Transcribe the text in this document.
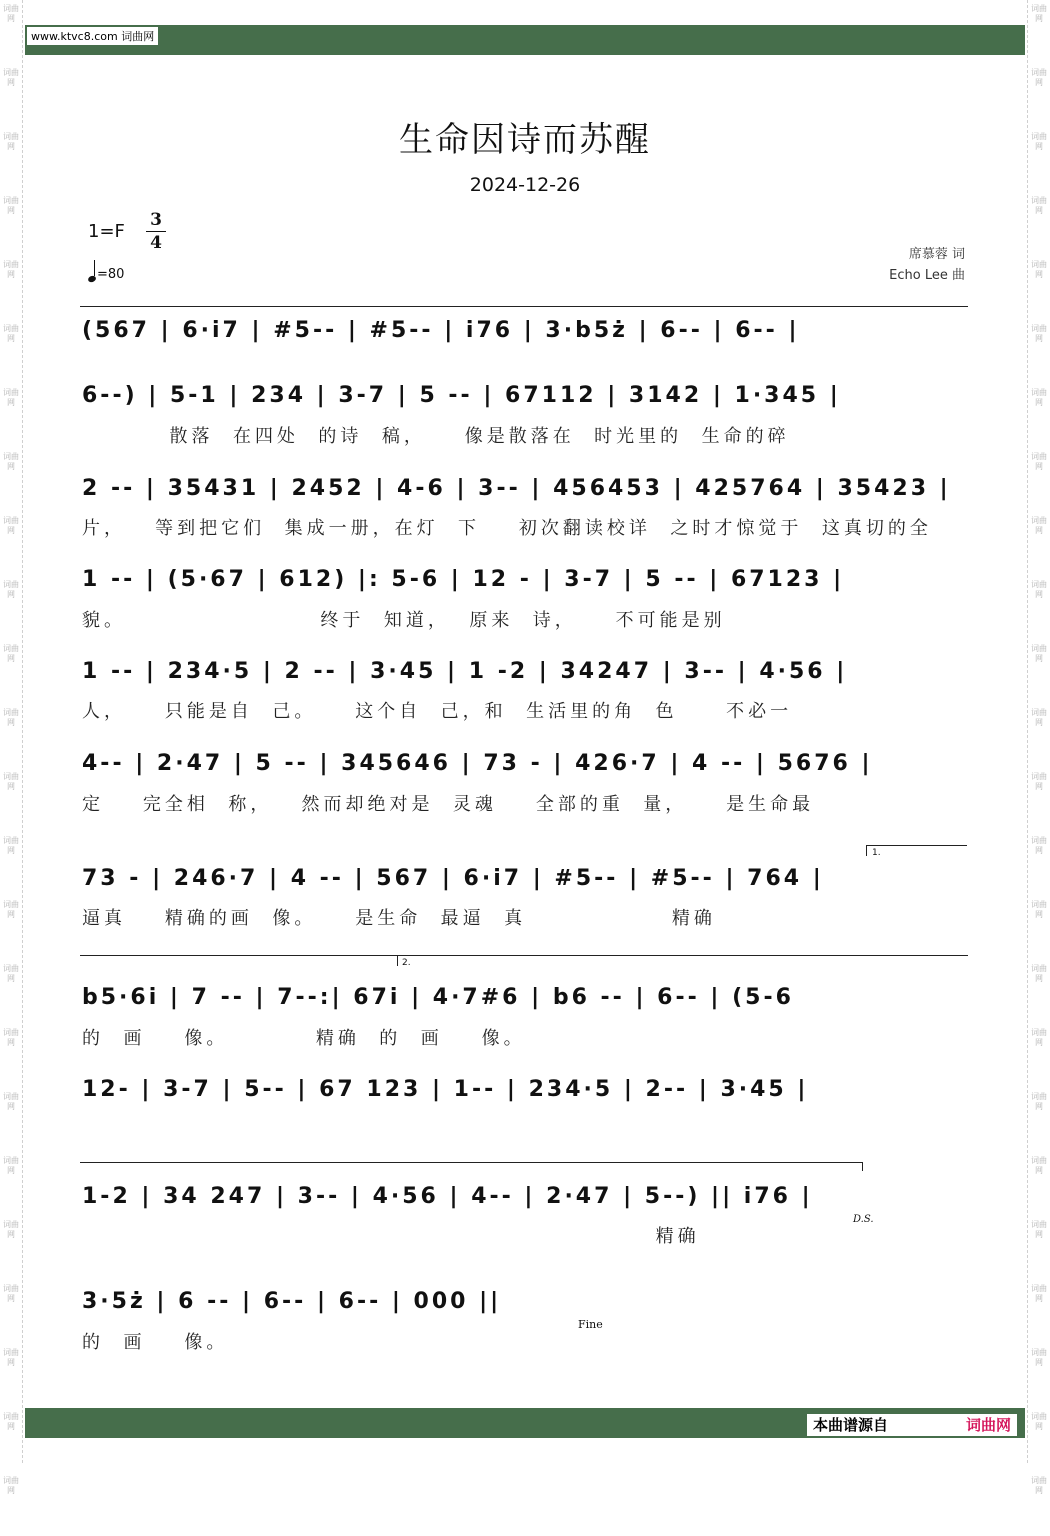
词曲网
词曲网
词曲网
词曲网
词曲网
词曲网
词曲网
词曲网
词曲网
词曲网
词曲网
词曲网
词曲网
词曲网
词曲网
词曲网
词曲网
词曲网
词曲网
词曲网
词曲网
词曲网
词曲网
词曲网
词曲网
词曲网
词曲网
词曲网
词曲网
词曲网
词曲网
词曲网
词曲网
词曲网
词曲网
词曲网
词曲网
词曲网
词曲网
词曲网
词曲网
词曲网
词曲网
词曲网
词曲网
词曲网
词曲网
词曲网
www.ktvc8.com 词曲网
生命因诗而苏醒
2024-12-26
1=F
3
4
=80
席慕蓉 词
Echo Lee 曲
(567 | 6·i7 | #5-- | #5-- | i76 | 3·b5ż | 6-- | 6-- |
6--) | 5-1 | 234 | 3-7 | 5 -- | 67112 | 3142 | 1·345 |
散落  在四处  的诗  稿，    像是散落在  时光里的  生命的碎
2 -- | 35431 | 2452 | 4-6 | 3-- | 456453 | 425764 | 35423 |
片，   等到把它们  集成一册，在灯  下    初次翻读校详  之时才惊觉于  这真切的全
1 -- | (5·67 | 612) |: 5-6 | 12 - | 3-7 | 5 -- | 67123 |
貌。                    终于  知道，  原来  诗，    不可能是别
1 -- | 234·5 | 2 -- | 3·45 | 1 -2 | 34247 | 3-- | 4·56 |
人，    只能是自  己。    这个自  己，和  生活里的角  色     不必一
4-- | 2·47 | 5 -- | 345646 | 73 - | 426·7 | 4 -- | 5676 |
定    完全相  称，   然而却绝对是  灵魂    全部的重  量，    是生命最
73 - | 246·7 | 4 -- | 567 | 6·i7 | #5-- | #5-- | 764 |
逼真    精确的画  像。    是生命  最逼  真               精确
1.
2.
b5·6i | 7 -- | 7--:| 67i | 4·7#6 | b6 -- | 6-- | (5-6
的  画    像。         精确  的  画    像。
12- | 3-7 | 5-- | 67 123 | 1-- | 234·5 | 2-- | 3·45 |
1-2 | 34 247 | 3-- | 4·56 | 4-- | 2·47 | 5--) || i76 |
精确
D.S.
3·5ż | 6 -- | 6-- | 6-- | 000 ||
的  画    像。
Fine
本曲谱源自	词曲网
